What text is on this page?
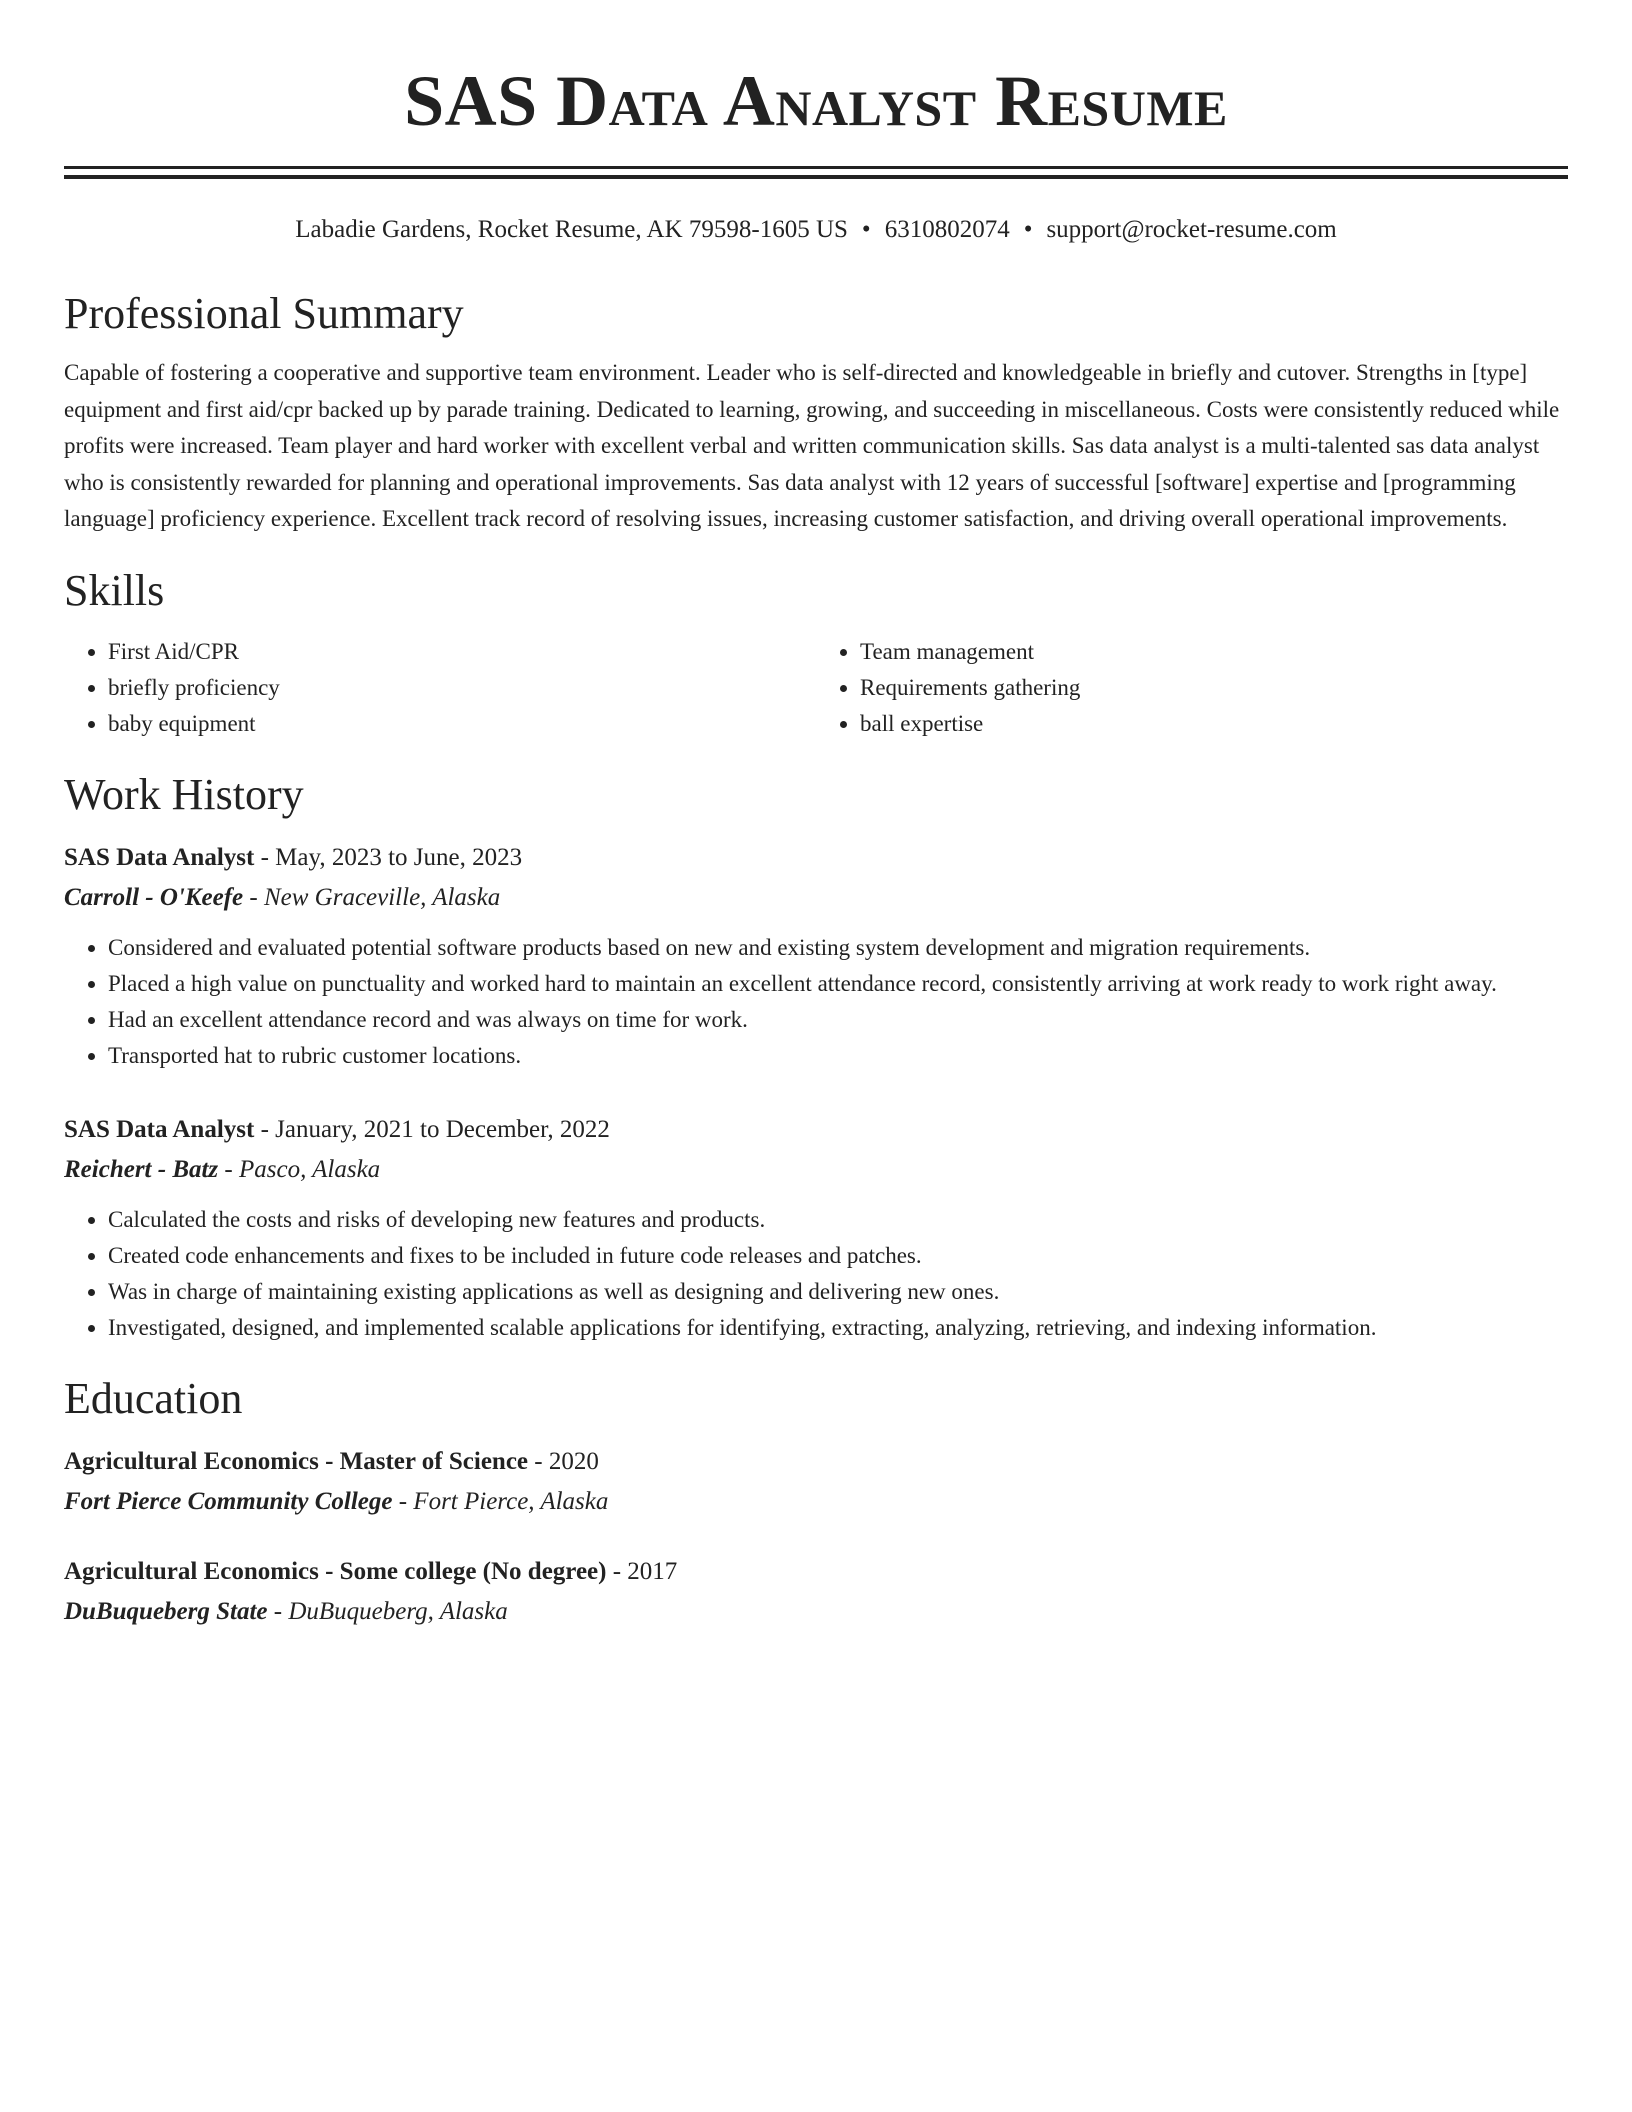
SAS Data Analyst Resume
Labadie Gardens, Rocket Resume, AK 79598-1605 US • 6310802074 • support@rocket-resume.com
Professional Summary

Capable of fostering a cooperative and supportive team environment. Leader who is self-directed and knowledgeable in briefly and cutover. Strengths in [type] equipment and first aid/cpr backed up by parade training. Dedicated to learning, growing, and succeeding in miscellaneous. Costs were consistently reduced while profits were increased. Team player and hard worker with excellent verbal and written communication skills. Sas data analyst is a multi-talented sas data analyst who is consistently rewarded for planning and operational improvements. Sas data analyst with 12 years of successful [software] expertise and [programming language] proficiency experience. Excellent track record of resolving issues, increasing customer satisfaction, and driving overall operational improvements.

Skills
• First Aid/CPR
• briefly proficiency
• baby equipment
• Team management
• Requirements gathering
• ball expertise
Work History
SAS Data Analyst - May, 2023 to June, 2023
Carroll - O'Keefe - New Graceville, Alaska
• Considered and evaluated potential software products based on new and existing system development and migration requirements.
• Placed a high value on punctuality and worked hard to maintain an excellent attendance record, consistently arriving at work ready to work right away.
• Had an excellent attendance record and was always on time for work.
• Transported hat to rubric customer locations.
SAS Data Analyst - January, 2021 to December, 2022
Reichert - Batz - Pasco, Alaska
• Calculated the costs and risks of developing new features and products.
• Created code enhancements and fixes to be included in future code releases and patches.
• Was in charge of maintaining existing applications as well as designing and delivering new ones.
• Investigated, designed, and implemented scalable applications for identifying, extracting, analyzing, retrieving, and indexing information.
Education
Agricultural Economics - Master of Science - 2020
Fort Pierce Community College - Fort Pierce, Alaska
Agricultural Economics - Some college (No degree) - 2017
DuBuqueberg State - DuBuqueberg, Alaska
